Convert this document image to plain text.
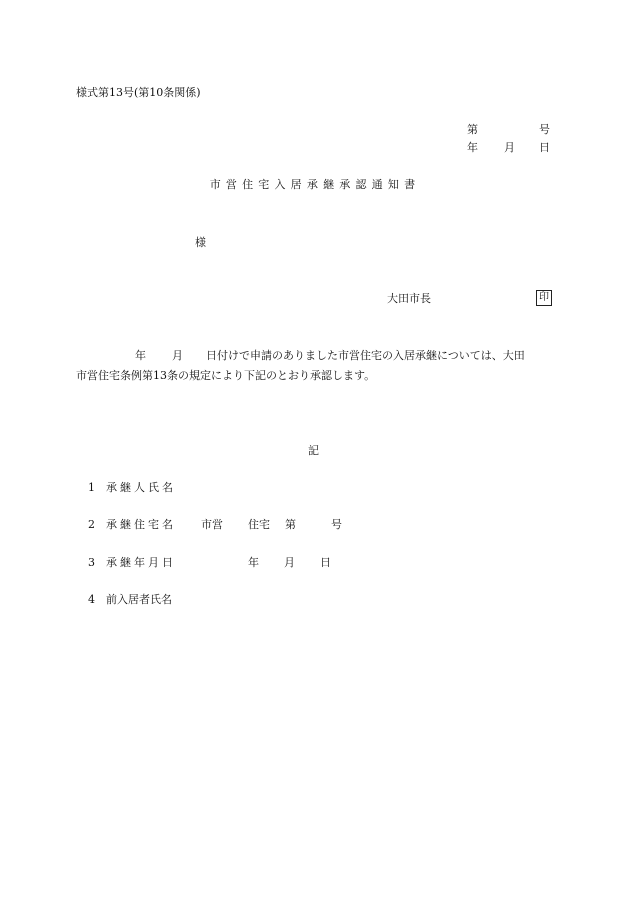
様式第13号(第10条関係)
第	号
年 月 日
市営住宅入居承継承認通知書
様
大田市長	印
年 月 日付けで申請のありました市営住宅の入居承継については、大田
市営住宅条例第13条の規定により下記のとおり承認します。
記
1 承継人氏名
2 承継住宅名 市営 住宅 第	号
3 承継年月日	年 月 日
4 前入居者氏名
